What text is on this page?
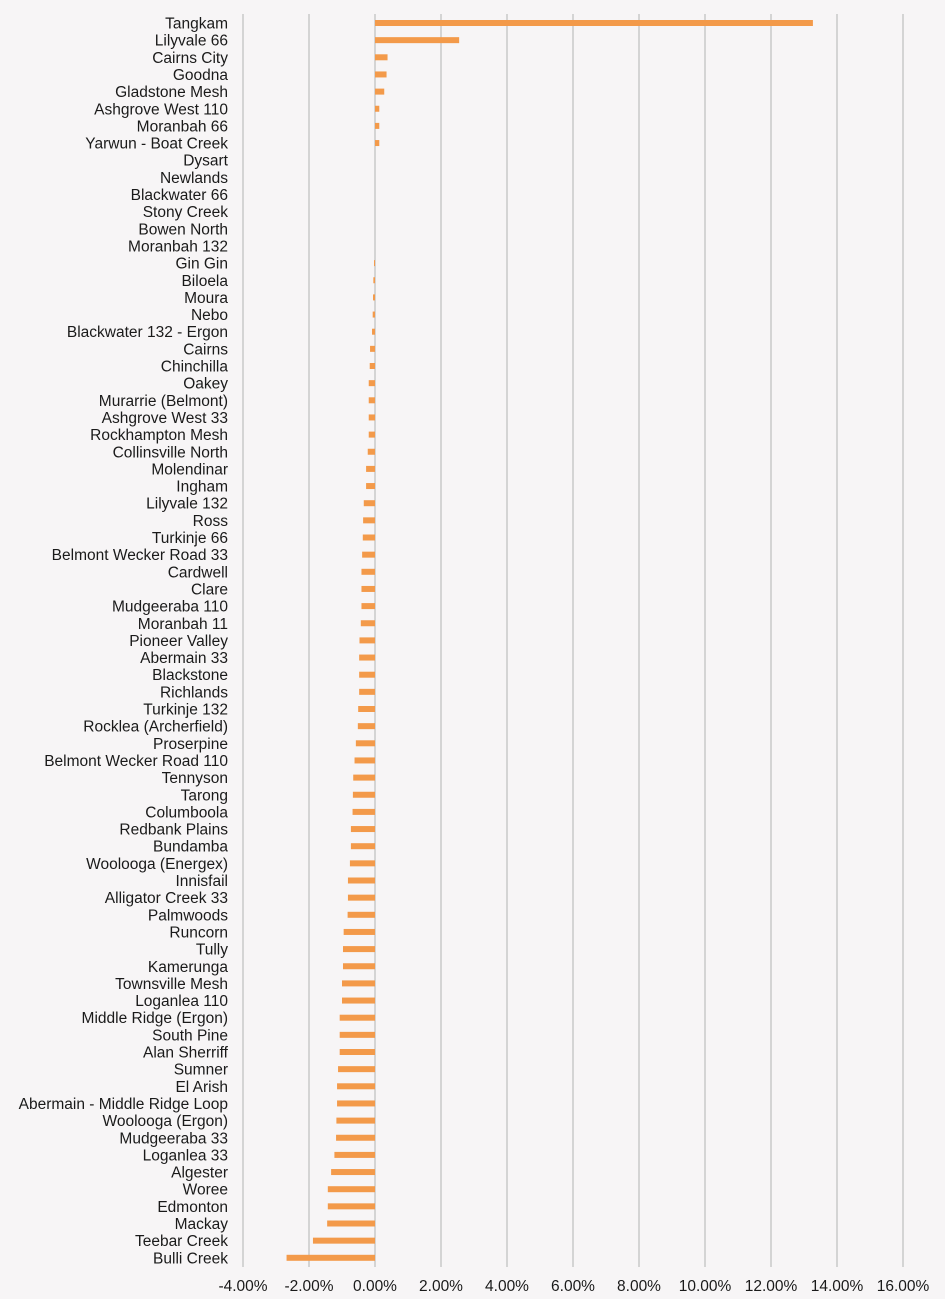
Tangkam
Lilyvale 66
Cairns City
Goodna
Gladstone Mesh
Ashgrove West 110
Moranbah 66
Yarwun - Boat Creek
Dysart
Newlands
Blackwater 66
Stony Creek
Bowen North
Moranbah 132
Gin Gin
Biloela
Moura
Nebo
Blackwater 132 - Ergon
Cairns
Chinchilla
Oakey
Murarrie (Belmont)
Ashgrove West 33
Rockhampton Mesh
Collinsville North
Molendinar
Ingham
Lilyvale 132
Ross
Turkinje 66
Belmont Wecker Road 33
Cardwell
Clare
Mudgeeraba 110
Moranbah 11
Pioneer Valley
Abermain 33
Blackstone
Richlands
Turkinje 132
Rocklea (Archerfield)
Proserpine
Belmont Wecker Road 110
Tennyson
Tarong
Columboola
Redbank Plains
Bundamba
Woolooga (Energex)
Innisfail
Alligator Creek 33
Palmwoods
Runcorn
Tully
Kamerunga
Townsville Mesh
Loganlea 110
Middle Ridge (Ergon)
South Pine
Alan Sherriff
Sumner
El Arish
Abermain - Middle Ridge Loop
Woolooga (Ergon)
Mudgeeraba 33
Loganlea 33
Algester
Woree
Edmonton
Mackay
Teebar Creek
Bulli Creek
-4.00% -2.00% 0.00% 2.00% 4.00% 6.00% 8.00% 10.00% 12.00% 14.00% 16.00%
